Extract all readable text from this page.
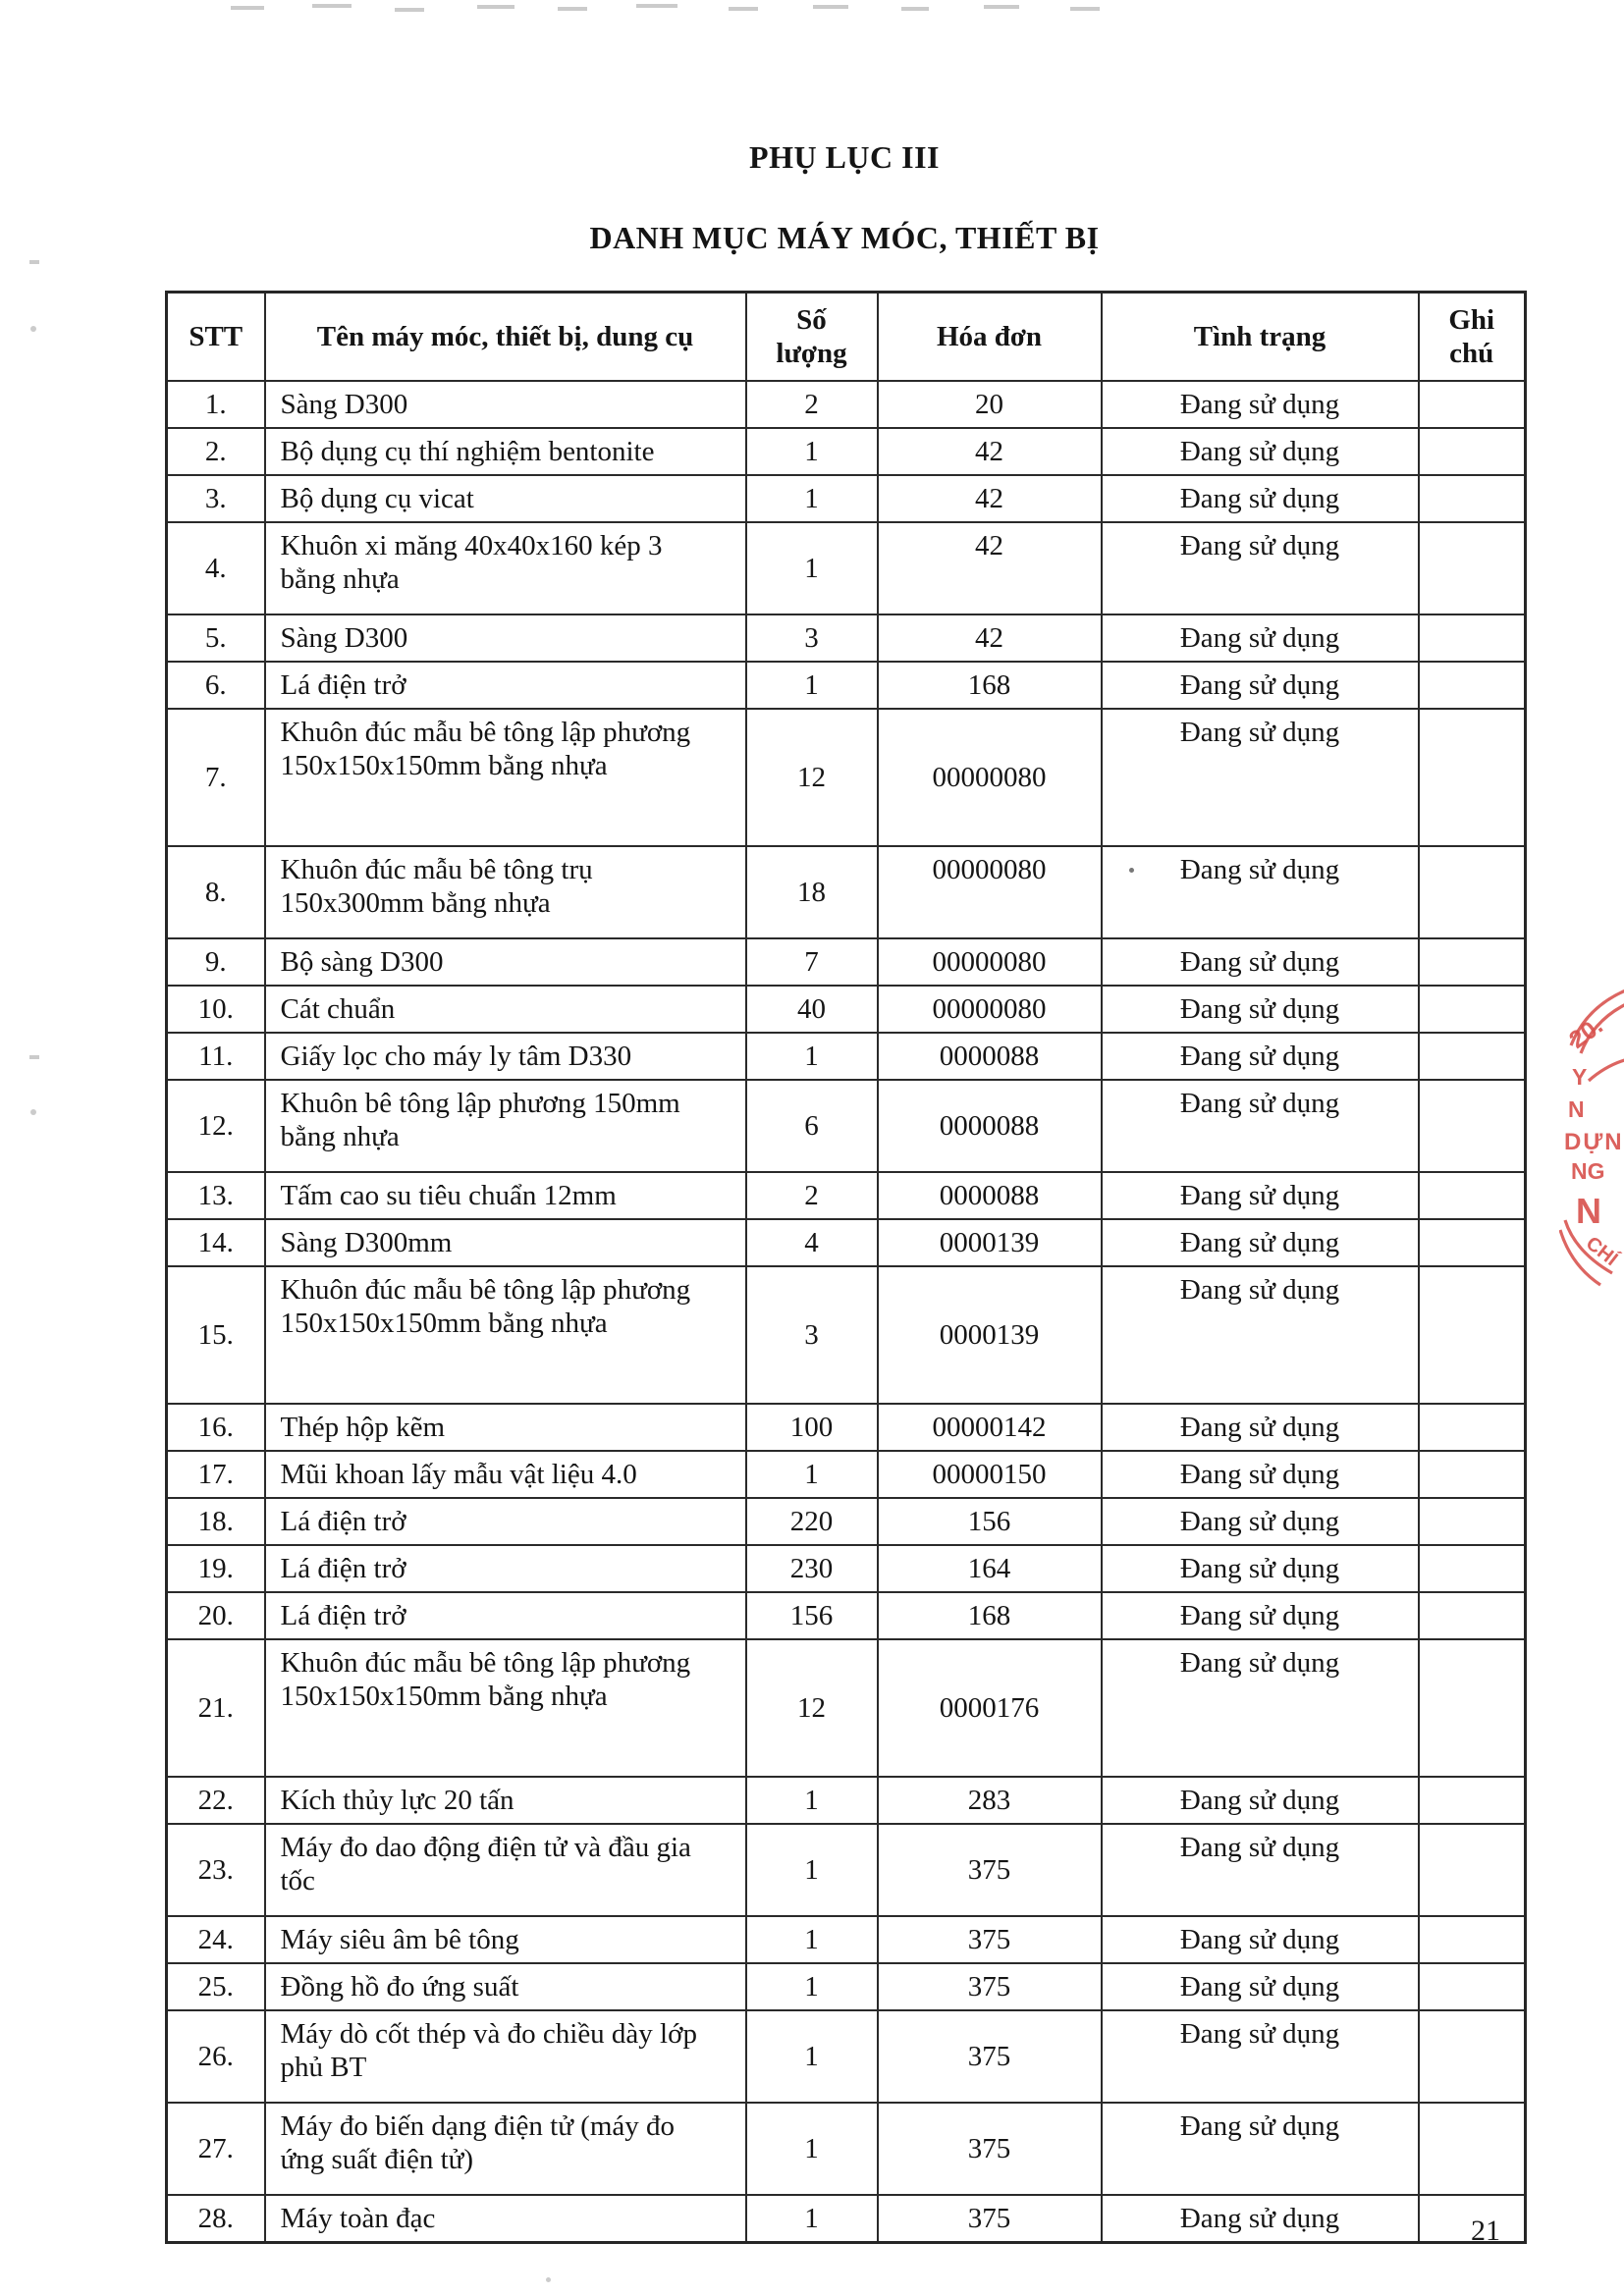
PHỤ LỤC III
DANH MỤC MÁY MÓC, THIẾT BỊ
STT	Tên máy móc, thiết bị, dung cụ	Số lượng	Hóa đơn	Tình trạng	Ghi chú
1.	Sàng D300	2	20	Đang sử dụng	
2.	Bộ dụng cụ thí nghiệm bentonite	1	42	Đang sử dụng	
3.	Bộ dụng cụ vicat	1	42	Đang sử dụng	
4.	Khuôn xi măng 40x40x160 kép 3 bằng nhựa	1	42	Đang sử dụng	
5.	Sàng D300	3	42	Đang sử dụng	
6.	Lá điện trở	1	168	Đang sử dụng	
7.	Khuôn đúc mẫu bê tông lập phương 150x150x150mm bằng nhựa	12	00000080	Đang sử dụng	
8.	Khuôn đúc mẫu bê tông trụ 150x300mm bằng nhựa	18	00000080	Đang sử dụng	
9.	Bộ sàng D300	7	00000080	Đang sử dụng	
10.	Cát chuẩn	40	00000080	Đang sử dụng	
11.	Giấy lọc cho máy ly tâm D330	1	0000088	Đang sử dụng	
12.	Khuôn bê tông lập phương 150mm bằng nhựa	6	0000088	Đang sử dụng	
13.	Tấm cao su tiêu chuẩn 12mm	2	0000088	Đang sử dụng	
14.	Sàng D300mm	4	0000139	Đang sử dụng	
15.	Khuôn đúc mẫu bê tông lập phương 150x150x150mm bằng nhựa	3	0000139	Đang sử dụng	
16.	Thép hộp kẽm	100	00000142	Đang sử dụng	
17.	Mũi khoan lấy mẫu vật liệu 4.0	1	00000150	Đang sử dụng	
18.	Lá điện trở	220	156	Đang sử dụng	
19.	Lá điện trở	230	164	Đang sử dụng	
20.	Lá điện trở	156	168	Đang sử dụng	
21.	Khuôn đúc mẫu bê tông lập phương 150x150x150mm bằng nhựa	12	0000176	Đang sử dụng	
22.	Kích thủy lực 20 tấn	1	283	Đang sử dụng	
23.	Máy đo dao động điện tử và đầu gia tốc	1	375	Đang sử dụng	
24.	Máy siêu âm bê tông	1	375	Đang sử dụng	
25.	Đồng hồ đo ứng suất	1	375	Đang sử dụng	
26.	Máy dò cốt thép và đo chiều dày lớp phủ BT	1	375	Đang sử dụng	
27.	Máy đo biến dạng điện tử (máy đo ứng suất điện tử)	1	375	Đang sử dụng	
28.	Máy toàn đạc	1	375	Đang sử dụng	
20.
Y
N
DỰN
NG
N
CHÍ
21
